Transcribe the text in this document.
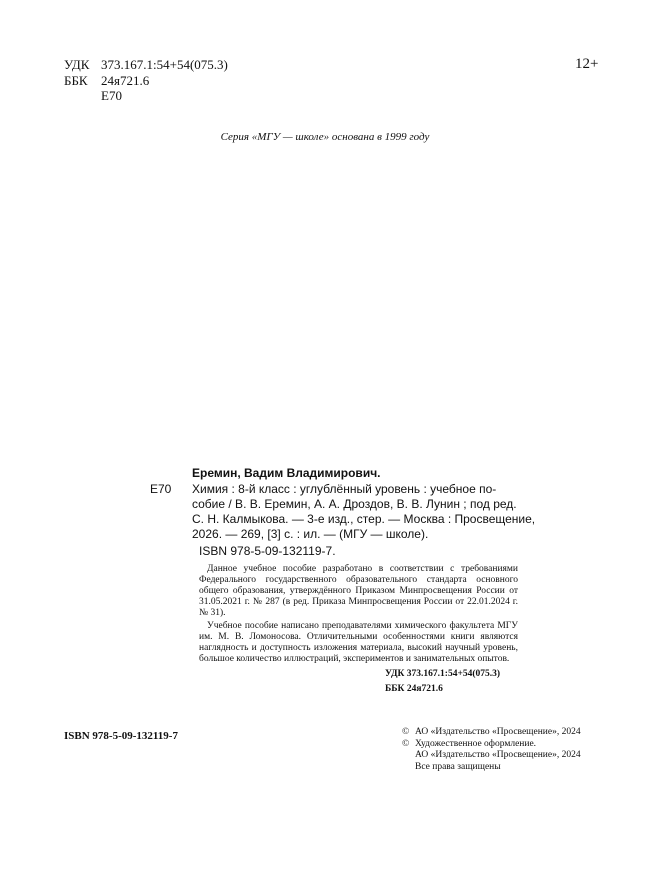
УДК 373.167.1:54+54(075.3)
ББК	24я721.6
Е70
12+
Серия «МГУ — школе» основана в 1999 году
Еремин, Вадим Владимирович.
Е70	Химия : 8-й класс : углублённый уровень : учебное по-
собие / В. В. Еремин, А. А. Дроздов, В. В. Лунин ; под ред.
С. Н. Калмыкова. — 3-е изд., стер. — Москва : Просвещение,
2026. — 269, [3] с. : ил. — (МГУ — школе).
ISBN 978-5-09-132119-7.

Данное учебное пособие разработано в соответствии с требованиями Федерального государственного образовательного стандарта основного общего образования, утверждённого Приказом Минпросвещения России от 31.05.2021 г. № 287 (в ред. Приказа Минпросвещения России от 22.01.2024 г. № 31).

Учебное пособие написано преподавателями химического факультета МГУ им. М. В. Ломоносова. Отличительными особенностями книги являются наглядность и доступность изложения материала, высокий научный уровень, большое количество иллюстраций, экспериментов и занимательных опытов.

УДК 373.167.1:54+54(075.3)
ББК 24я721.6
ISBN 978-5-09-132119-7	© АО «Издательство «Просвещение», 2024
© Художественное оформление.
АО «Издательство «Просвещение», 2024
Все права защищены
